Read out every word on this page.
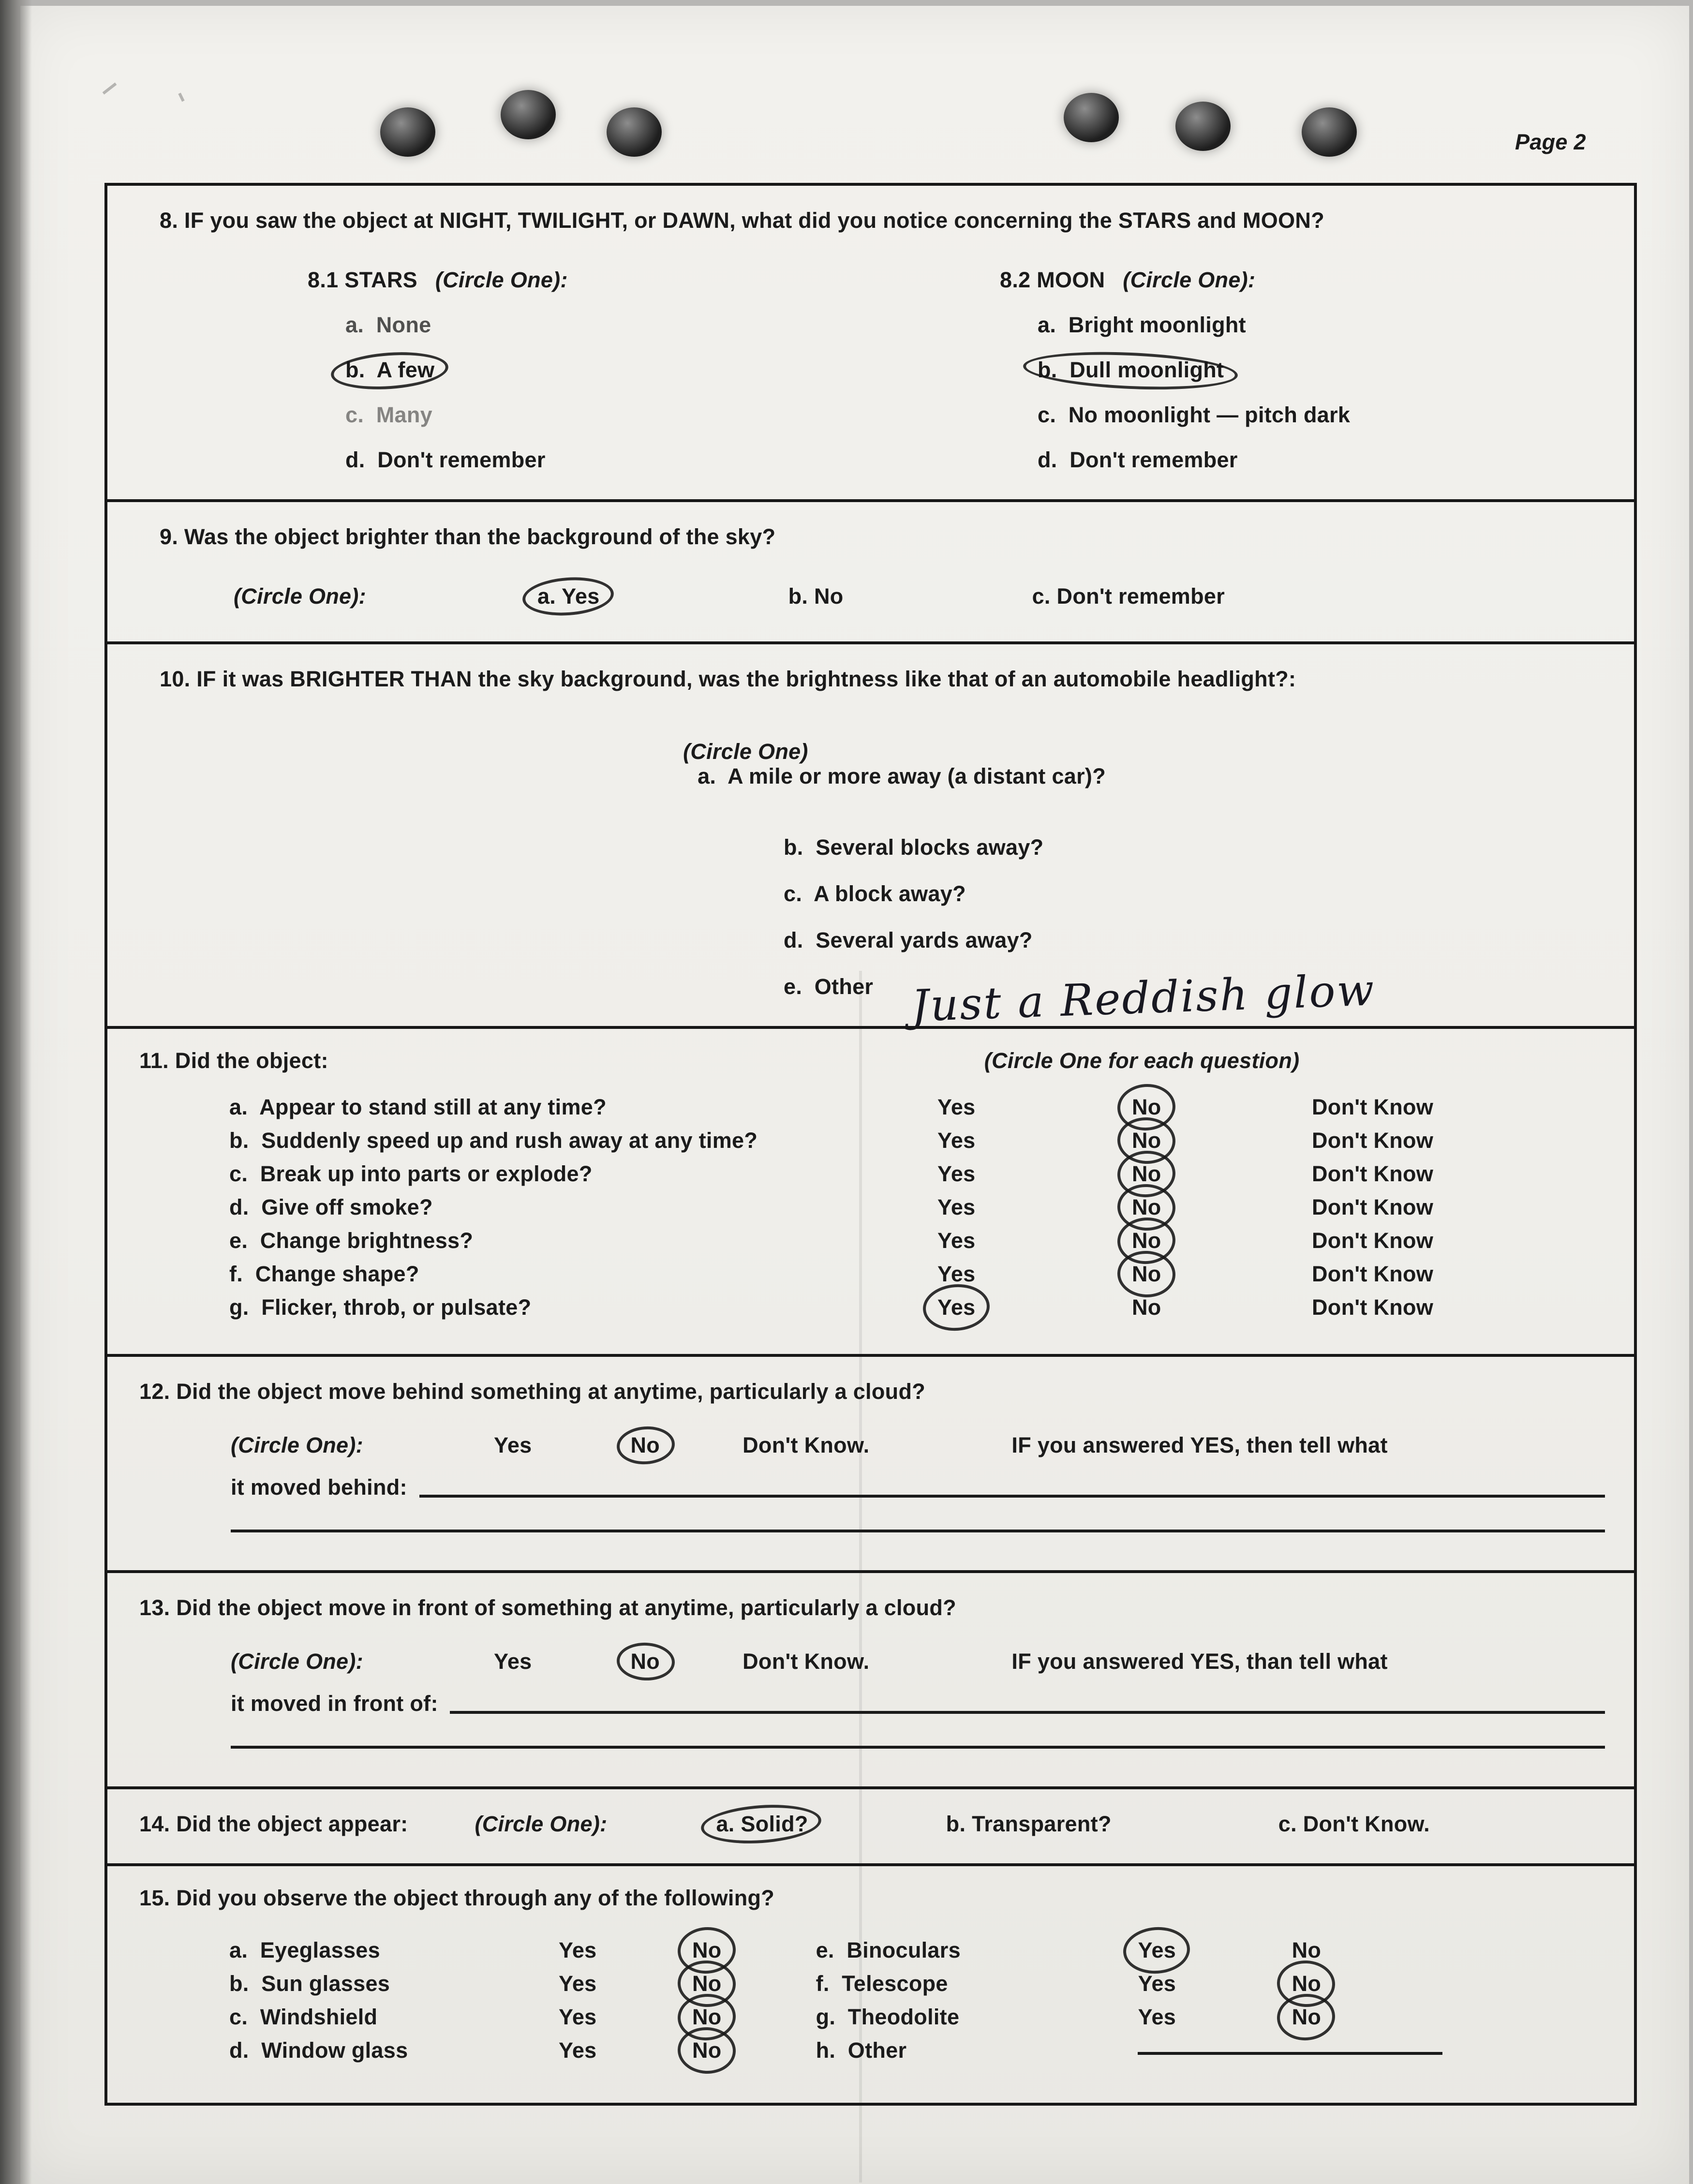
Page 2
8. IF you saw the object at NIGHT, TWILIGHT, or DAWN, what did you notice concerning the STARS and MOON?
8.1 STARS (Circle One):
a.  None
b.  A few
c.  Many
d.  Don't remember
8.2 MOON (Circle One):
a.  Bright moonlight
b.  Dull moonlight
c.  No moonlight — pitch dark
d.  Don't remember
9. Was the object brighter than the background of the sky?
(Circle One):	a. Yes	b. No	c. Don't remember
10. IF it was BRIGHTER THAN the sky background, was the brightness like that of an automobile headlight?:

(Circle One)
a.  A mile or more away (a distant car)?

b.  Several blocks away?
c.  A block away?
d.  Several yards away?
e.  Other	Just a Reddish glow
11. Did the object:	(Circle One for each question)
a.  Appear to stand still at any time?	Yes	No	Don't Know
b.  Suddenly speed up and rush away at any time?	Yes	No	Don't Know
c.  Break up into parts or explode?	Yes	No	Don't Know
d.  Give off smoke?	Yes	No	Don't Know
e.  Change brightness?	Yes	No	Don't Know
f.  Change shape?	Yes	No	Don't Know
g.  Flicker, throb, or pulsate?	Yes	No	Don't Know
12. Did the object move behind something at anytime, particularly a cloud?
(Circle One):	Yes	No	Don't Know.	IF you answered YES, then tell what
it moved behind:
13. Did the object move in front of something at anytime, particularly a cloud?
(Circle One):	Yes	No	Don't Know.	IF you answered YES, than tell what
it moved in front of:
14. Did the object appear:	(Circle One):	a. Solid?	b. Transparent?	c. Don't Know.
15. Did you observe the object through any of the following?
a.  Eyeglasses	Yes	No
b.  Sun glasses	Yes	No
c.  Windshield	Yes	No
d.  Window glass	Yes	No
e.  Binoculars	Yes	No
f.  Telescope	Yes	No
g.  Theodolite	Yes	No
h.  Other
